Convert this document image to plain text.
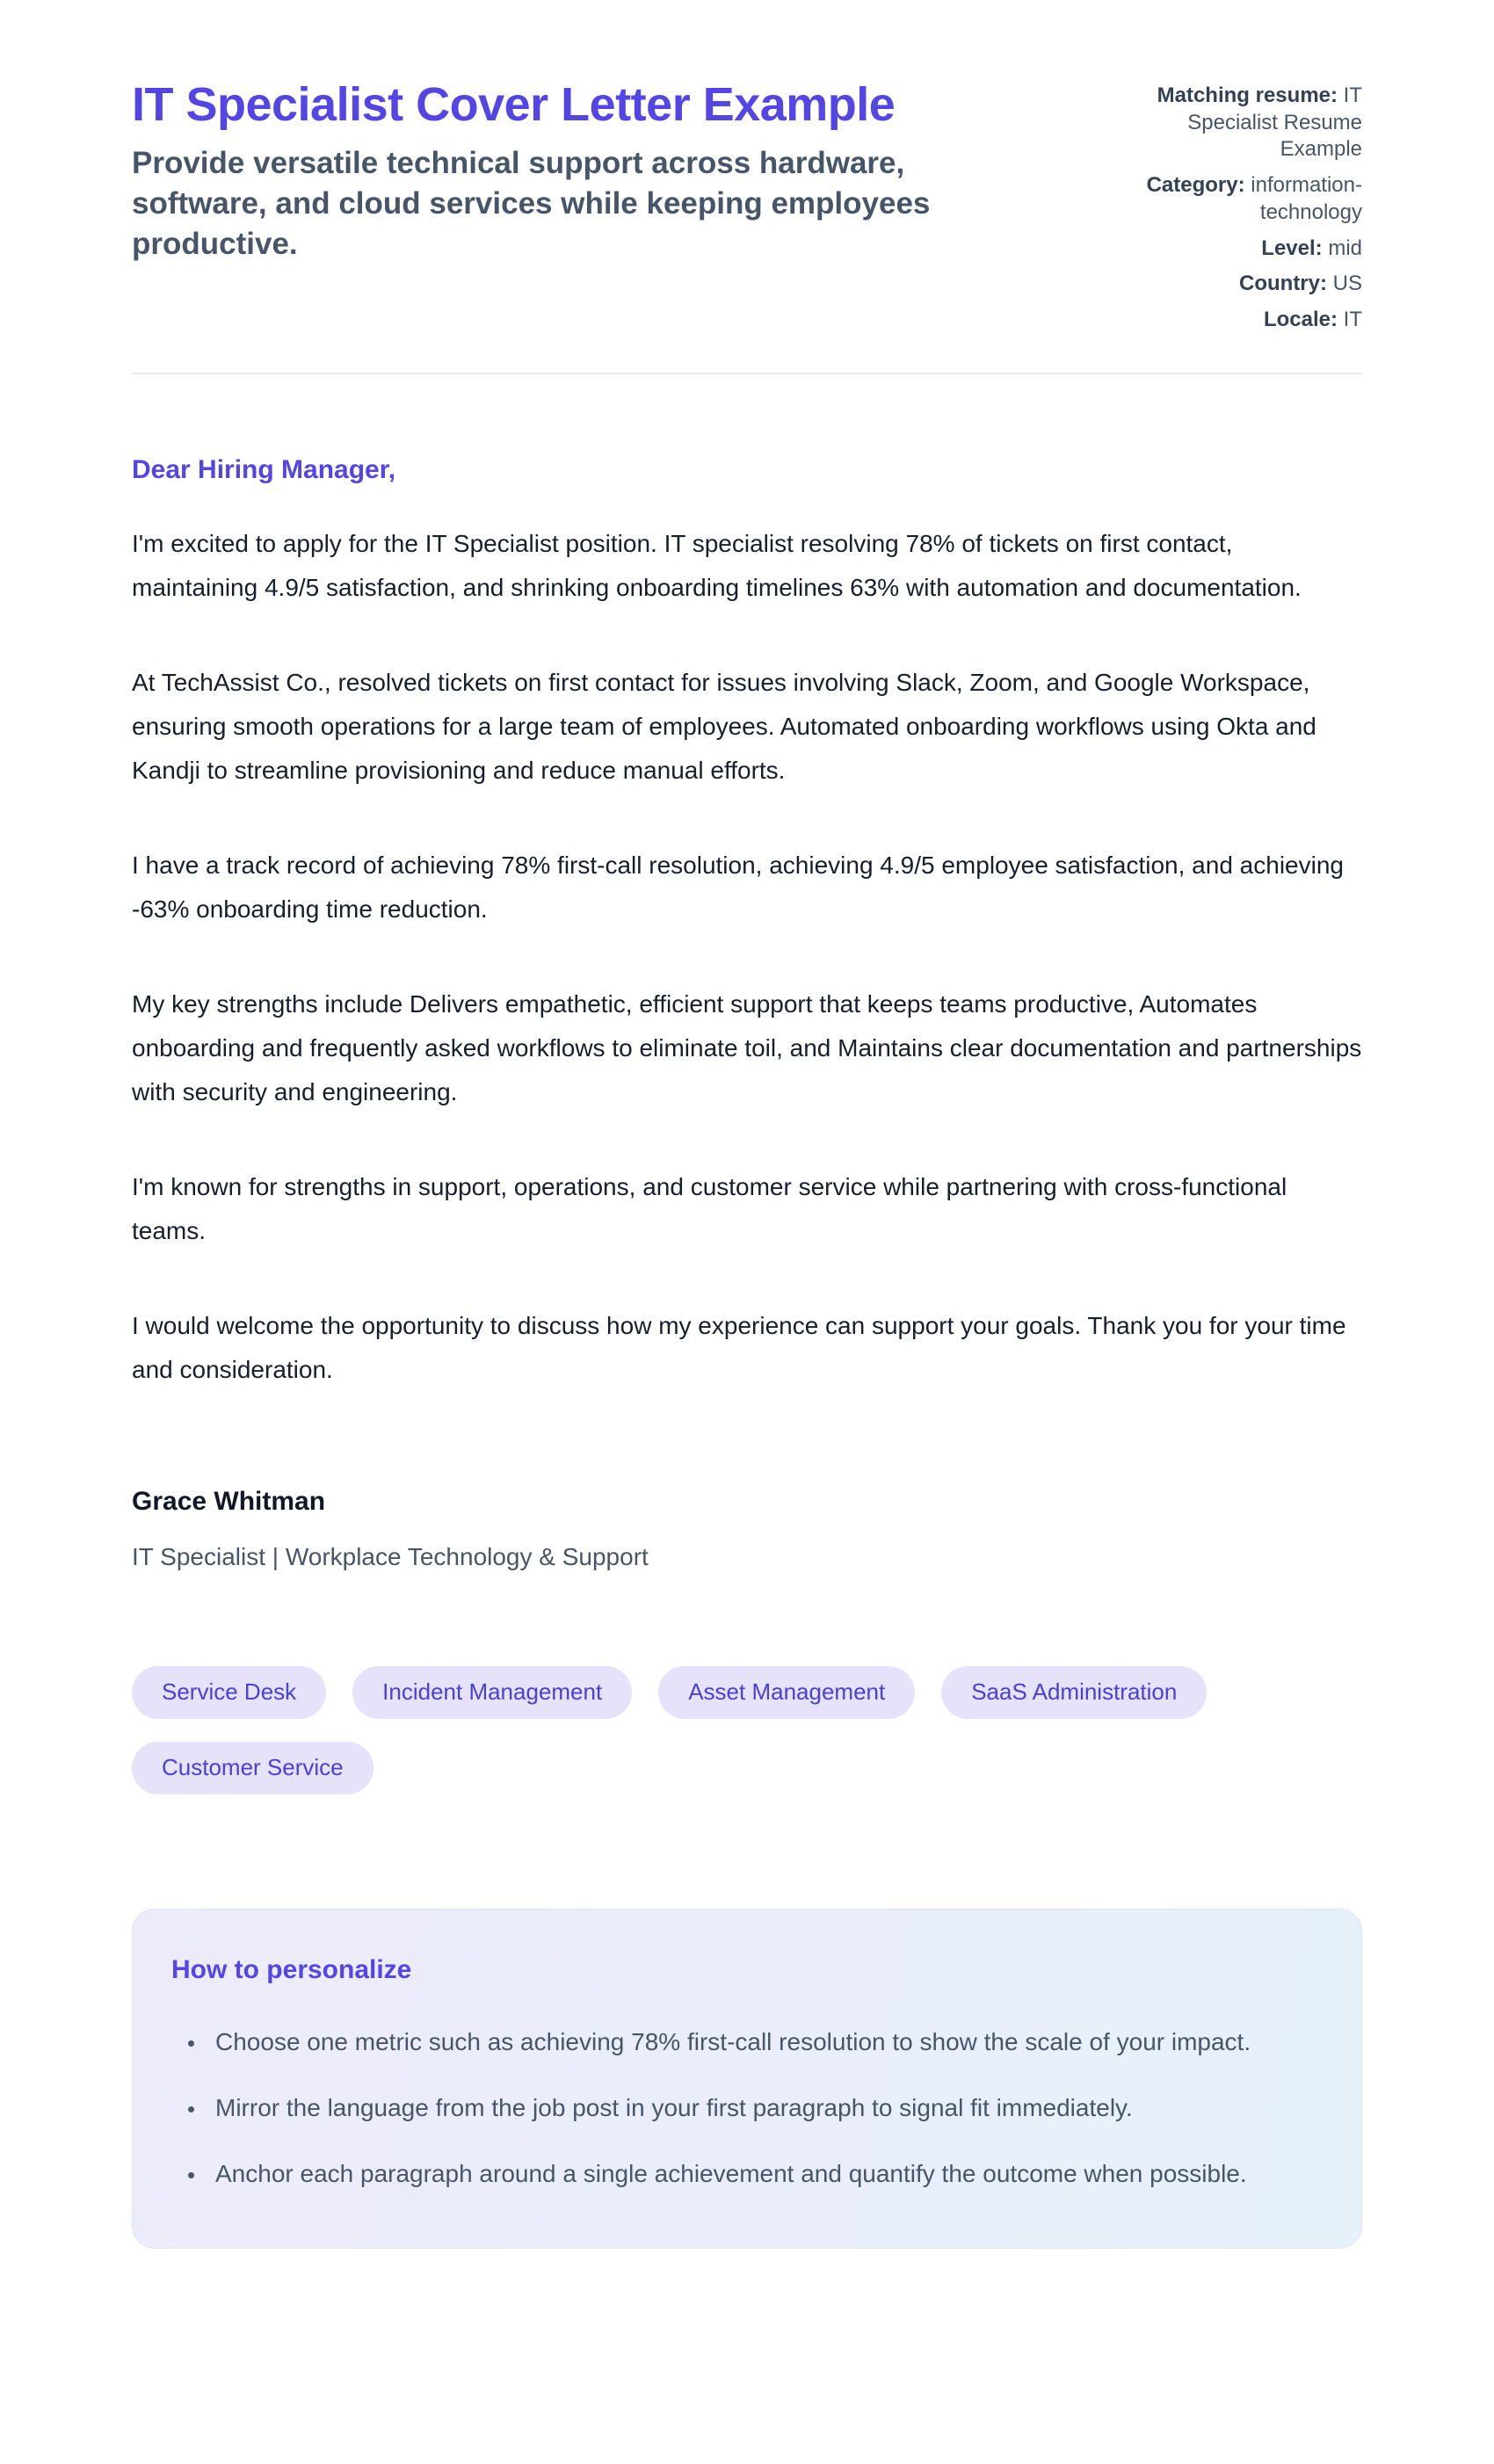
IT Specialist Cover Letter Example

Provide versatile technical support across hardware, software, and cloud services while keeping employees productive.

Matching resume: IT Specialist Resume Example
Category: information-technology
Level: mid
Country: US
Locale: IT

Dear Hiring Manager,

I'm excited to apply for the IT Specialist position. IT specialist resolving 78% of tickets on first contact, maintaining 4.9/5 satisfaction, and shrinking onboarding timelines 63% with automation and documentation.

At TechAssist Co., resolved tickets on first contact for issues involving Slack, Zoom, and Google Workspace, ensuring smooth operations for a large team of employees. Automated onboarding workflows using Okta and Kandji to streamline provisioning and reduce manual efforts.

I have a track record of achieving 78% first-call resolution, achieving 4.9/5 employee satisfaction, and achieving -63% onboarding time reduction.

My key strengths include Delivers empathetic, efficient support that keeps teams productive, Automates onboarding and frequently asked workflows to eliminate toil, and Maintains clear documentation and partnerships with security and engineering.

I'm known for strengths in support, operations, and customer service while partnering with cross-functional teams.

I would welcome the opportunity to discuss how my experience can support your goals. Thank you for your time and consideration.

Grace Whitman

IT Specialist | Workplace Technology & Support

Service Desk	Incident Management	Asset Management	SaaS Administration
Customer Service
How to personalize
• Choose one metric such as achieving 78% first-call resolution to show the scale of your impact.
• Mirror the language from the job post in your first paragraph to signal fit immediately.
• Anchor each paragraph around a single achievement and quantify the outcome when possible.
